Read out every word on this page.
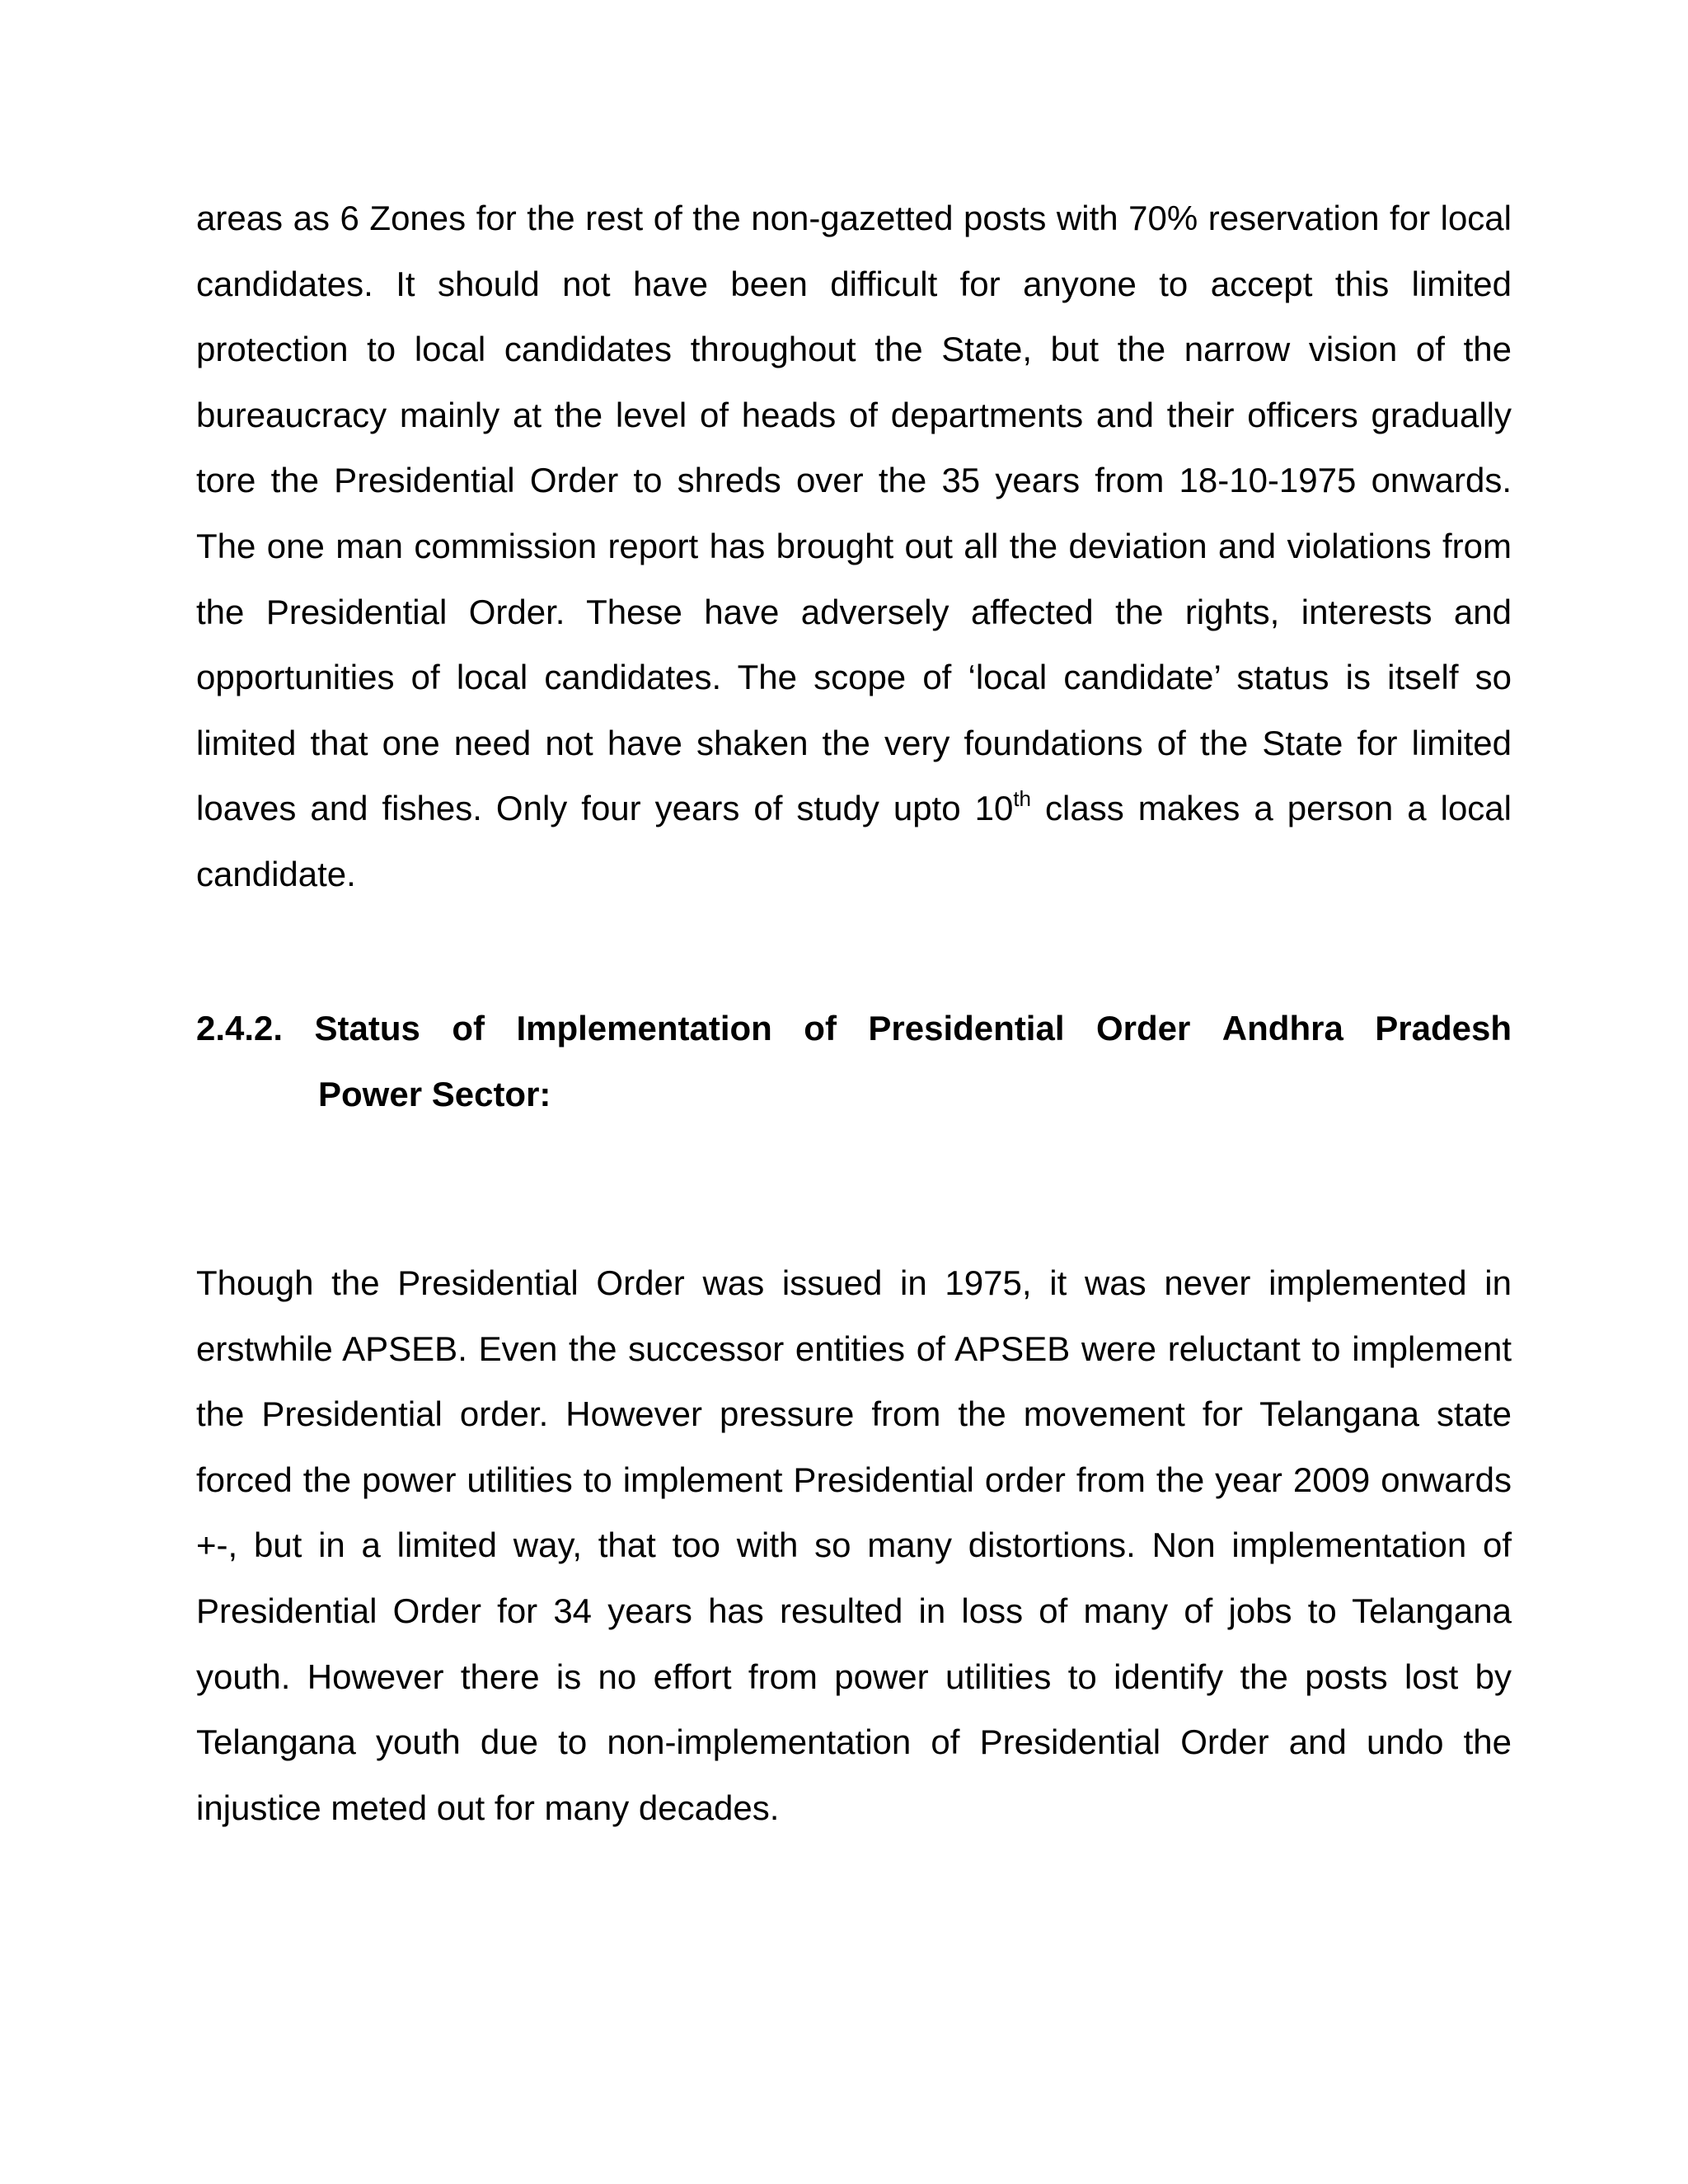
areas as 6 Zones for the rest of the non-gazetted posts with 70% reservation for local candidates. It should not have been difficult for anyone to accept this limited protection to local candidates throughout the State, but the narrow vision of the bureaucracy mainly at the level of heads of departments and their officers gradually tore the Presidential Order to shreds over the 35 years from 18-10-1975 onwards. The one man commission report has brought out all the deviation and violations from the Presidential Order. These have adversely affected the rights, interests and opportunities of local candidates. The scope of ‘local candidate’ status is itself so limited that one need not have shaken the very foundations of the State for limited loaves and fishes. Only four years of study upto 10th class makes a person a local candidate.

2.4.2. Status of Implementation of Presidential Order Andhra Pradesh
Power Sector:

Though the Presidential Order was issued in 1975, it was never implemented in erstwhile APSEB. Even the successor entities of APSEB were reluctant to implement the Presidential order. However pressure from the movement for Telangana state forced the power utilities to implement Presidential order from the year 2009 onwards +-, but in a limited way, that too with so many distortions. Non implementation of Presidential Order for 34 years has resulted in loss of many of jobs to Telangana youth. However there is no effort from power utilities to identify the posts lost by Telangana youth due to non-implementation of Presidential Order and undo the injustice meted out for many decades.
